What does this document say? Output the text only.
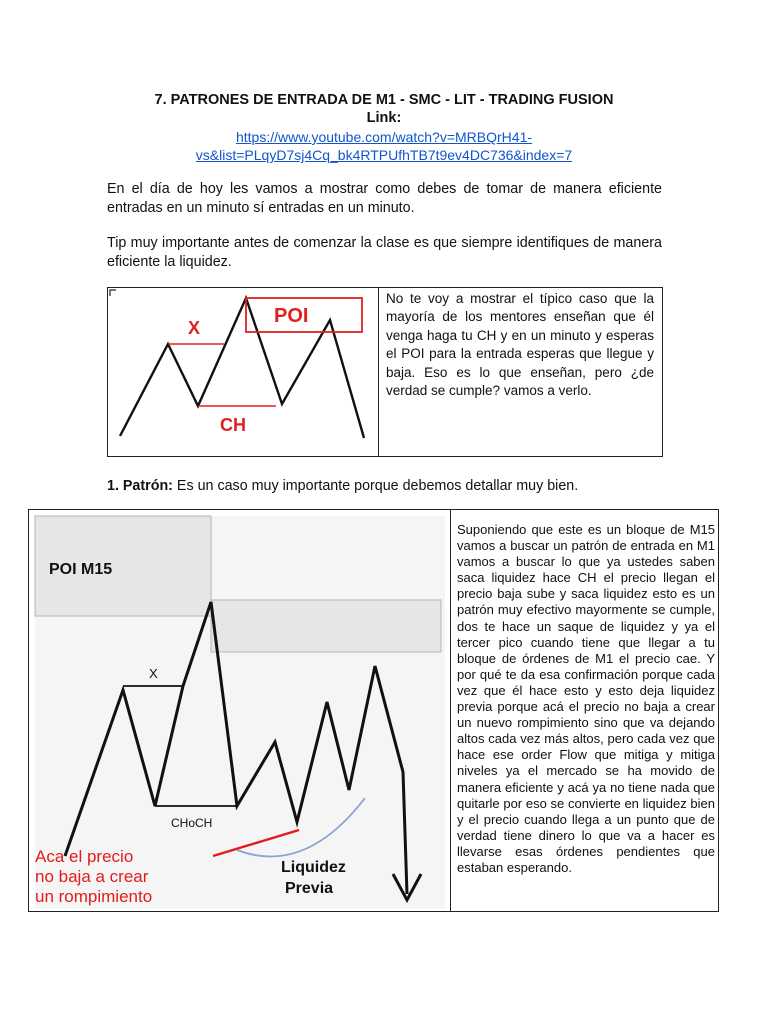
7. PATRONES DE ENTRADA DE M1 - SMC - LIT - TRADING FUSION
Link:
https://www.youtube.com/watch?v=MRBQrH41-
vs&list=PLqyD7sj4Cq_bk4RTPUfhTB7t9ev4DC736&index=7
En el día de hoy les vamos a mostrar como debes de tomar de manera eficiente entradas en un minuto sí entradas en un minuto.
Tip muy importante antes de comenzar la clase es que siempre identifiques de manera eficiente la liquidez.
X
POI
CH
No te voy a mostrar el típico caso que la mayoría de los mentores enseñan que él venga haga tu CH y en un minuto y esperas el POI para la entrada esperas que llegue y baja. Eso es lo que enseñan, pero ¿de verdad se cumple? vamos a verlo.
1. Patrón: Es un caso muy importante porque debemos detallar muy bien.
POI M15
X
CHoCH
Aca el precio
no baja a crear
un rompimiento
Liquidez
Previa
Suponiendo que este es un bloque de M15 vamos a buscar un patrón de entrada en M1 vamos a buscar lo que ya ustedes saben saca liquidez hace CH el precio llegan el precio baja sube y saca liquidez esto es un patrón muy efectivo mayormente se cumple, dos te hace un saque de liquidez y ya el tercer pico cuando tiene que llegar a tu bloque de órdenes de M1 el precio cae. Y por qué te da esa confirmación porque cada vez que él hace esto y esto deja liquidez previa porque acá el precio no baja a crear un nuevo rompimiento sino que va dejando altos cada vez más altos, pero cada vez que hace ese order Flow que mitiga y mitiga niveles ya el mercado se ha movido de manera eficiente y acá ya no tiene nada que quitarle por eso se convierte en liquidez bien y el precio cuando llega a un punto que de verdad tiene dinero lo que va a hacer es llevarse esas órdenes pendientes que estaban esperando.
